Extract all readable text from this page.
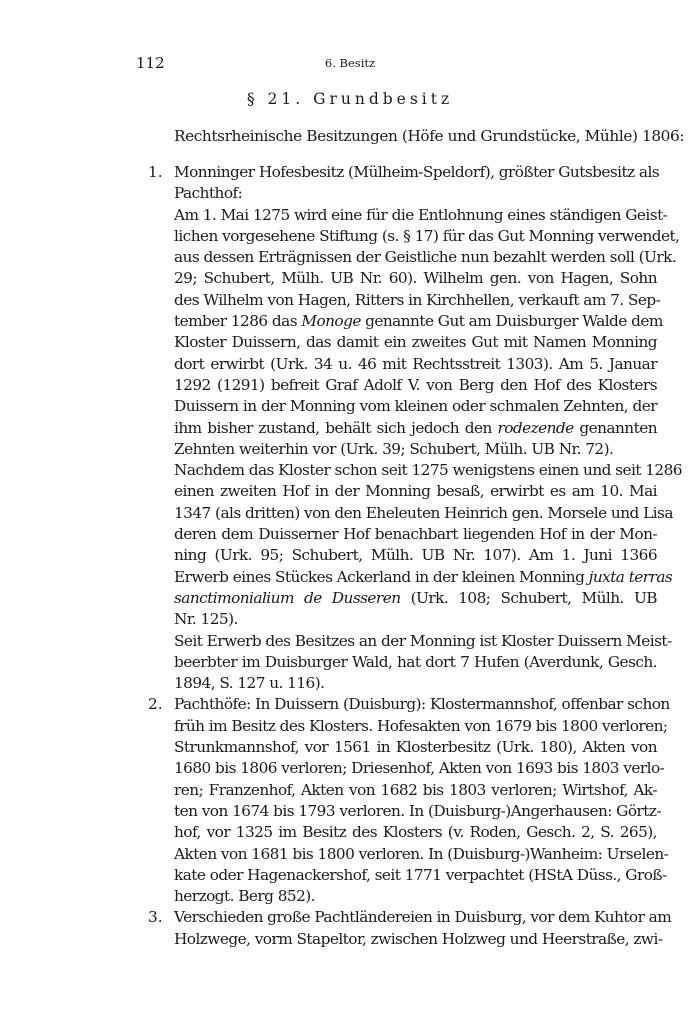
112	6. Besitz
§ 21. Grundbesitz
Rechtsrheinische Besitzungen (Höfe und Grundstücke, Mühle) 1806:
1. Monninger Hofesbesitz (Mülheim-Speldorf), größter Gutsbesitz als
Pachthof:
Am 1. Mai 1275 wird eine für die Entlohnung eines ständigen Geist-
lichen vorgesehene Stiftung (s. § 17) für das Gut Monning verwendet,
aus dessen Erträgnissen der Geistliche nun bezahlt werden soll (Urk.
29; Schubert, Mülh. UB Nr. 60). Wilhelm gen. von Hagen, Sohn
des Wilhelm von Hagen, Ritters in Kirchhellen, verkauft am 7. Sep-
tember 1286 das Monoge genannte Gut am Duisburger Walde dem
Kloster Duissern, das damit ein zweites Gut mit Namen Monning
dort erwirbt (Urk. 34 u. 46 mit Rechtsstreit 1303). Am 5. Januar
1292 (1291) befreit Graf Adolf V. von Berg den Hof des Klosters
Duissern in der Monning vom kleinen oder schmalen Zehnten, der
ihm bisher zustand, behält sich jedoch den rodezende genannten
Zehnten weiterhin vor (Urk. 39; Schubert, Mülh. UB Nr. 72).
Nachdem das Kloster schon seit 1275 wenigstens einen und seit 1286
einen zweiten Hof in der Monning besaß, erwirbt es am 10. Mai
1347 (als dritten) von den Eheleuten Heinrich gen. Morsele und Lisa
deren dem Duisserner Hof benachbart liegenden Hof in der Mon-
ning (Urk. 95; Schubert, Mülh. UB Nr. 107). Am 1. Juni 1366
Erwerb eines Stückes Ackerland in der kleinen Monning juxta terras
sanctimonialium de Dusseren (Urk. 108; Schubert, Mülh. UB
Nr. 125).
Seit Erwerb des Besitzes an der Monning ist Kloster Duissern Meist-
beerbter im Duisburger Wald, hat dort 7 Hufen (Averdunk, Gesch.
1894, S. 127 u. 116).
2. Pachthöfe: In Duissern (Duisburg): Klostermannshof, offenbar schon
früh im Besitz des Klosters. Hofesakten von 1679 bis 1800 verloren;
Strunkmannshof, vor 1561 in Klosterbesitz (Urk. 180), Akten von
1680 bis 1806 verloren; Driesenhof, Akten von 1693 bis 1803 verlo-
ren; Franzenhof, Akten von 1682 bis 1803 verloren; Wirtshof, Ak-
ten von 1674 bis 1793 verloren. In (Duisburg-)Angerhausen: Görtz-
hof, vor 1325 im Besitz des Klosters (v. Roden, Gesch. 2, S. 265),
Akten von 1681 bis 1800 verloren. In (Duisburg-)Wanheim: Urselen-
kate oder Hagenackershof, seit 1771 verpachtet (HStA Düss., Groß-
herzogt. Berg 852).
3. Verschieden große Pachtländereien in Duisburg, vor dem Kuhtor am
Holzwege, vorm Stapeltor, zwischen Holzweg und Heerstraße, zwi-
